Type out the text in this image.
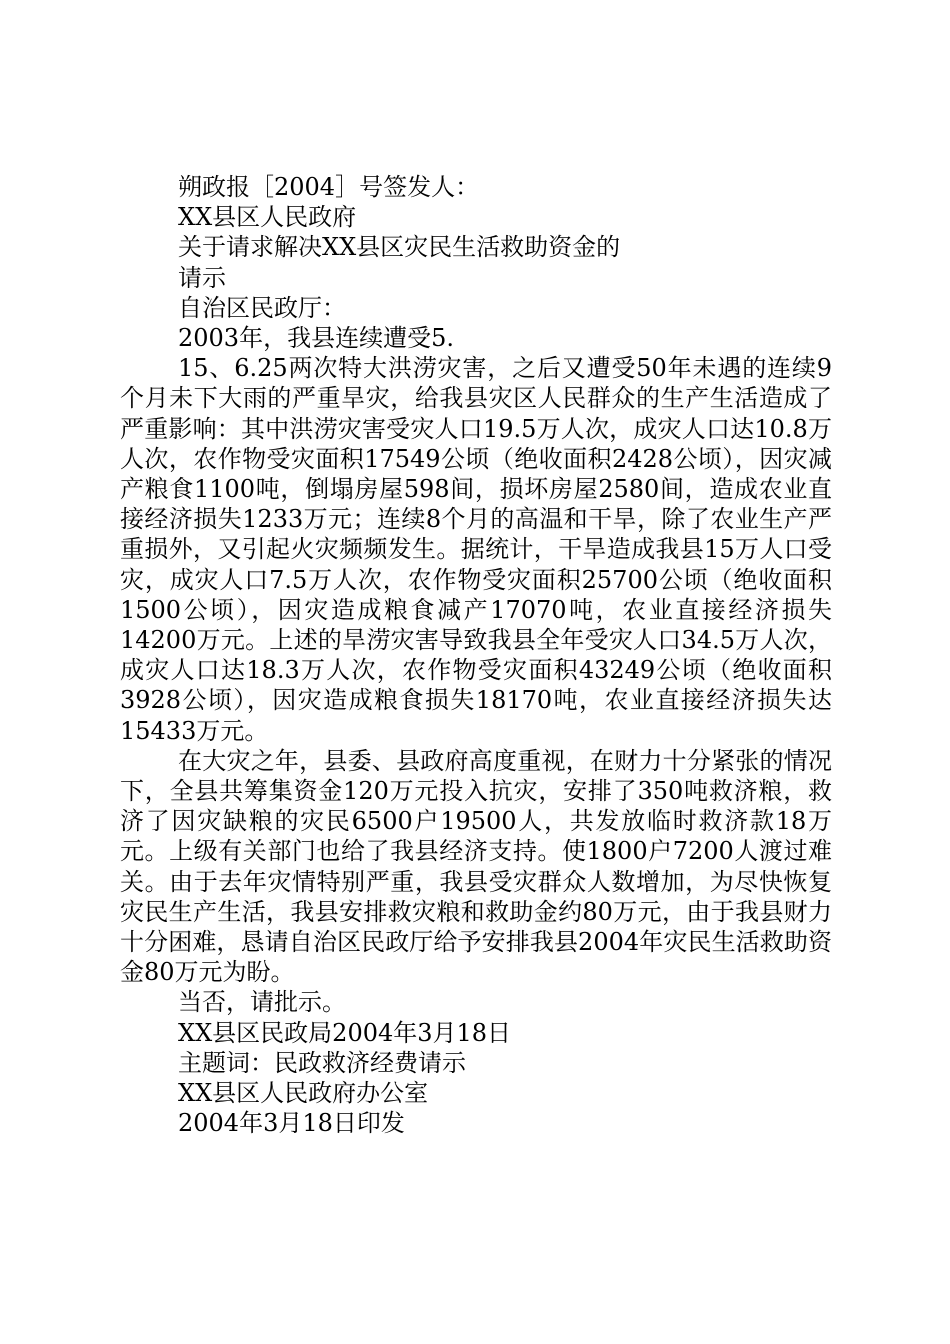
朔政报［2004］号签发人：
XX县区人民政府
关于请求解决XX县区灾民生活救助资金的
请示
自治区民政厅：
2003年，我县连续遭受5.

15、6.25两次特大洪涝灾害，之后又遭受50年未遇的连续9个月未下大雨的严重旱灾，给我县灾区人民群众的生产生活造成了严重影响：其中洪涝灾害受灾人口19.5万人次，成灾人口达10.8万人次，农作物受灾面积17549公顷（绝收面积2428公顷），因灾减产粮食1100吨，倒塌房屋598间，损坏房屋2580间，造成农业直接经济损失1233万元；连续8个月的高温和干旱，除了农业生产严重损外，又引起火灾频频发生。据统计，干旱造成我县15万人口受灾，成灾人口7.5万人次，农作物受灾面积25700公顷（绝收面积1500公顷），因灾造成粮食减产17070吨，农业直接经济损失14200万元。上述的旱涝灾害导致我县全年受灾人口34.5万人次，成灾人口达18.3万人次，农作物受灾面积43249公顷（绝收面积3928公顷），因灾造成粮食损失18170吨，农业直接经济损失达15433万元。

在大灾之年，县委、县政府高度重视，在财力十分紧张的情况下，全县共筹集资金120万元投入抗灾，安排了350吨救济粮，救济了因灾缺粮的灾民6500户19500人，共发放临时救济款18万元。上级有关部门也给了我县经济支持。使1800户7200人渡过难关。由于去年灾情特别严重，我县受灾群众人数增加，为尽快恢复灾民生产生活，我县安排救灾粮和救助金约80万元，由于我县财力十分困难，恳请自治区民政厅给予安排我县2004年灾民生活救助资金80万元为盼。

当否，请批示。
XX县区民政局2004年3月18日
主题词：民政救济经费请示
XX县区人民政府办公室
2004年3月18日印发
